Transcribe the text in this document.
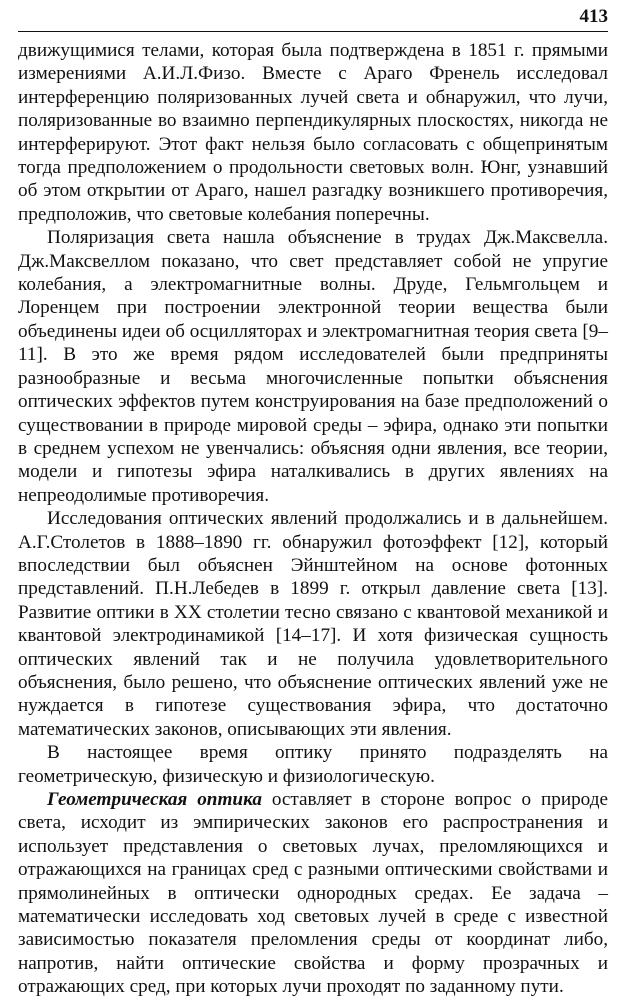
413

движущимися телами, которая была подтверждена в 1851 г. прямыми измерениями А.И.Л.Физо. Вместе с Араго Френель исследовал интерференцию поляризованных лучей света и обнаружил, что лучи, поляризованные во взаимно перпендикулярных плоскостях, никогда не интерферируют. Этот факт нельзя было согласовать с общепринятым тогда предположением о продольности световых волн. Юнг, узнавший об этом открытии от Араго, нашел разгадку возникшего противоречия, предположив, что световые колебания поперечны.

Поляризация света нашла объяснение в трудах Дж.Максвелла. Дж.Максвеллом показано, что свет представляет собой не упругие колебания, а электромагнитные волны. Друде, Гельмгольцем и Лоренцем при построении электронной теории вещества были объединены идеи об осцилляторах и электромагнитная теория света [9–11]. В это же время рядом исследователей были предприняты разнообразные и весьма многочисленные попытки объяснения оптических эффектов путем конструирования на базе предположений о существовании в природе мировой среды – эфира, однако эти попытки в среднем успехом не увенчались: объясняя одни явления, все теории, модели и гипотезы эфира наталкивались в других явлениях на непреодолимые противоречия.

Исследования оптических явлений продолжались и в дальнейшем. А.Г.Столетов в 1888–1890 гг. обнаружил фотоэффект [12], который впоследствии был объяснен Эйнштейном на основе фотонных представлений. П.Н.Лебедев в 1899 г. открыл давление света [13]. Развитие оптики в XX столетии тесно связано с квантовой механикой и квантовой электродинамикой [14–17]. И хотя физическая сущность оптических явлений так и не получила удовлетворительного объяснения, было решено, что объяснение оптических явлений уже не нуждается в гипотезе существования эфира, что достаточно математических законов, описывающих эти явления.

В настоящее время оптику принято подразделять на геометрическую, физическую и физиологическую.

Геометрическая оптика оставляет в стороне вопрос о природе света, исходит из эмпирических законов его распространения и использует представления о световых лучах, преломляющихся и отражающихся на границах сред с разными оптическими свойствами и прямолинейных в оптически однородных средах. Ее задача – математически исследовать ход световых лучей в среде с известной зависимостью показателя преломления среды от координат либо, напротив, найти оптические свойства и форму прозрачных и отражающих сред, при которых лучи проходят по заданному пути.
